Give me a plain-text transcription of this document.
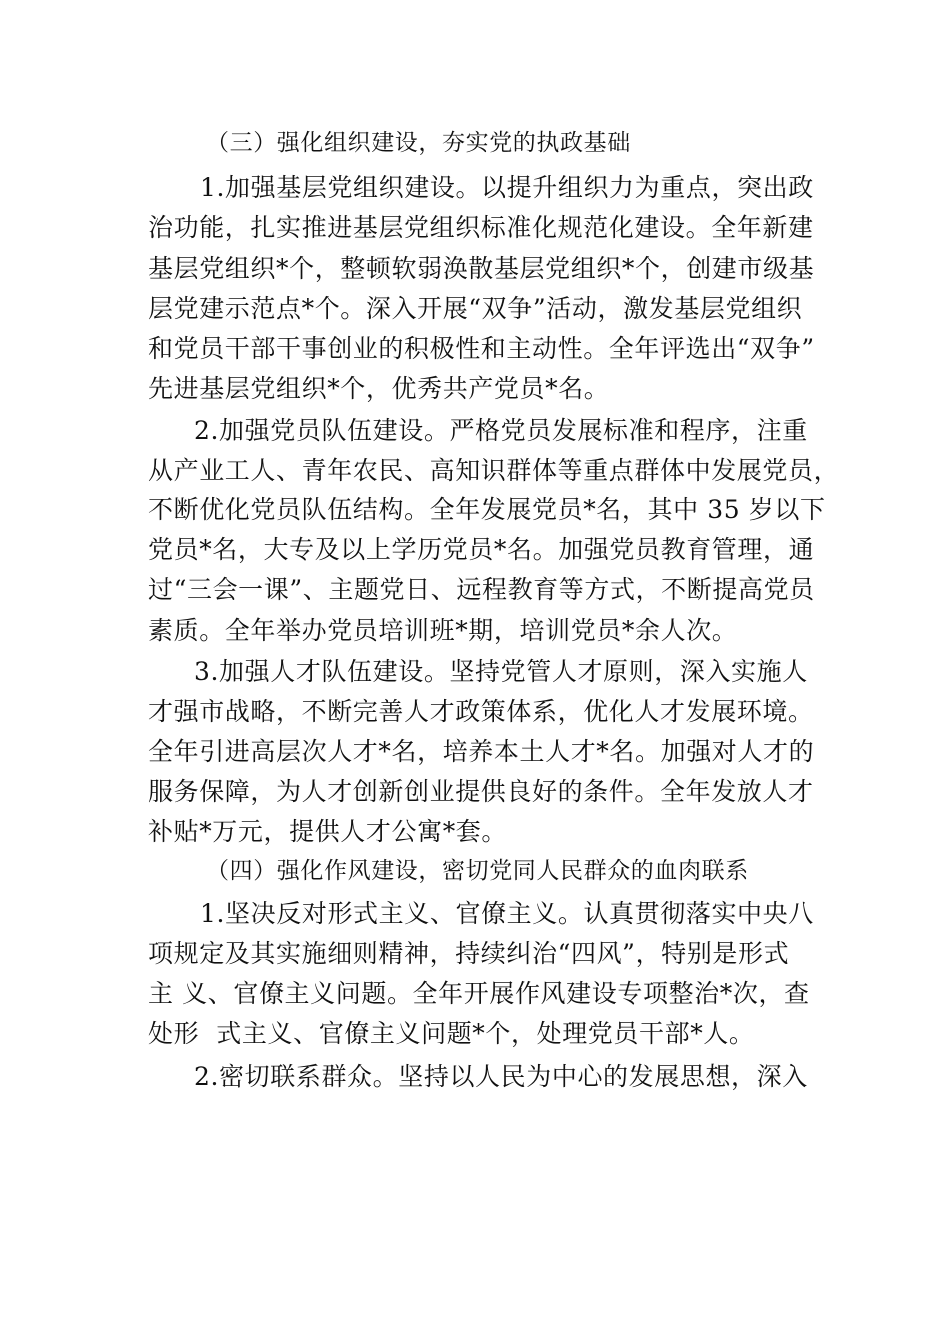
（三）强化组织建设，夯实党的执政基础

1.加强基层党组织建设。以提升组织力为重点，突出政

治功能，扎实推进基层党组织标准化规范化建设。全年新建

基层党组织*个，整顿软弱涣散基层党组织*个，创建市级基

层党建示范点*个。深入开展“双争”活动，激发基层党组织

和党员干部干事创业的积极性和主动性。全年评选出“双争”

先进基层党组织*个，优秀共产党员*名。

2.加强党员队伍建设。严格党员发展标准和程序，注重

从产业工人、青年农民、高知识群体等重点群体中发展党员，

不断优化党员队伍结构。全年发展党员*名，其中 35 岁以下

党员*名，大专及以上学历党员*名。加强党员教育管理，通

过“三会一课”、主题党日、远程教育等方式，不断提高党员

素质。全年举办党员培训班*期，培训党员*余人次。

3.加强人才队伍建设。坚持党管人才原则，深入实施人

才强市战略，不断完善人才政策体系，优化人才发展环境。

全年引进高层次人才*名，培养本土人才*名。加强对人才的

服务保障，为人才创新创业提供良好的条件。全年发放人才

补贴*万元，提供人才公寓*套。

（四）强化作风建设，密切党同人民群众的血肉联系

1.坚决反对形式主义、官僚主义。认真贯彻落实中央八

项规定及其实施细则精神，持续纠治“四风”，特别是形式

主 义、官僚主义问题。全年开展作风建设专项整治*次，查

处形  式主义、官僚主义问题*个，处理党员干部*人。

2.密切联系群众。坚持以人民为中心的发展思想，深入
